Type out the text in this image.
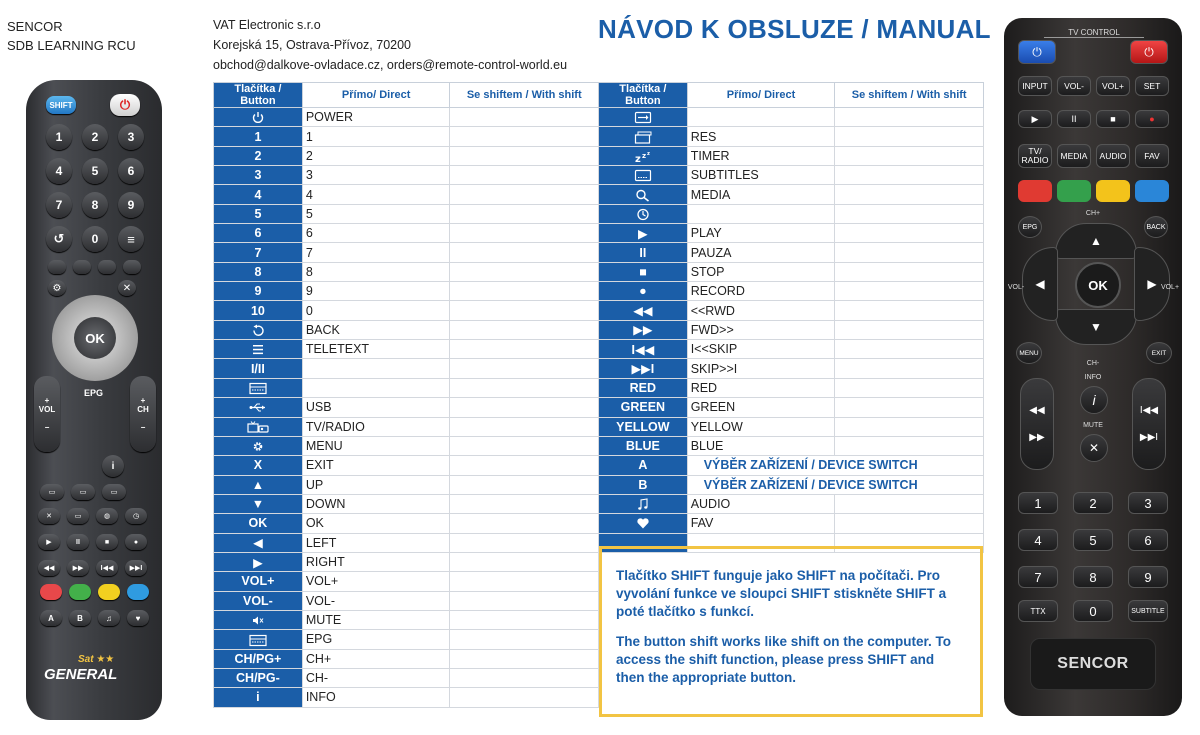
SENCOR
SDB LEARNING RCU
VAT Electronic s.r.o
Korejská 15, Ostrava-Přívoz, 70200
obchod@dalkove-ovladace.cz, orders@remote-control-world.eu
NÁVOD K OBSLUZE / MANUAL
SHIFT	⏻
OK
+

VOL

−
+

CH

−
EPG
i
Sat ★★
GENERAL
1	2	3
4	5	6
7	8	9
0
↺	≡
⚙	✕
▭	▭	▭
✕	▭	◍	◷
▶	II	■	●
◀◀	▶▶	I◀◀	▶▶I
A	B	♫	♥
Tlačítka / Button	Přímo/ Direct	Se shiftem / With shift
	POWER	
1	1	
2	2	
3	3	
4	4	
5	5	
6	6	
7	7	
8	8	
9	9	
10	0	
	BACK	
	TELETEXT	
I/II		

	USB	
	TV/RADIO	
	MENU	
X	EXIT	
▲	UP	
▼	DOWN	
OK	OK	
◀	LEFT	
▶	RIGHT	
VOL+	VOL+	
VOL-	VOL-	
	MUTE	
	EPG	
CH/PG+	CH+	
CH/PG-	CH-	
i	INFO	
Tlačítka / Button	Přímo/ Direct	Se shiftem / With shift

	RES	

z z z	TIMER	
	SUBTITLES	
	MEDIA	

▶	PLAY	
II	PAUZA	
■	STOP	
●	RECORD	
◀◀	<<RWD	
▶▶	FWD>>	
I◀◀	I<<SKIP	
▶▶I	SKIP>>I	
RED	RED	
GREEN	GREEN	
YELLOW	YELLOW	
BLUE	BLUE	
A	VÝBĚR ZAŘÍZENÍ / DEVICE SWITCH	
B	VÝBĚR ZAŘÍZENÍ / DEVICE SWITCH	
	AUDIO	
	FAV	

Tlačítko SHIFT funguje jako SHIFT na počítači. Pro vyvolání funkce ve sloupci SHIFT stiskněte SHIFT a poté tlačítko s funkcí.

The button shift works like shift on the computer. To access the shift function, please press SHIFT and then the appropriate button.

TV CONTROL
⏻	⏻
EPG	BACK
CH+
▲
▼
◀	▶
OK
VOL-	VOL+
MENU	EXIT
CH-
INFO
i
MUTE
✕
◀◀

▶▶
I◀◀

▶▶I
TTX	0	SUBTITLE
SENCOR
INPUT	VOL-	VOL+	SET
▶	II	■	●
TV/ RADIO	MEDIA	AUDIO	FAV
1	2	3
4	5	6
7	8	9
